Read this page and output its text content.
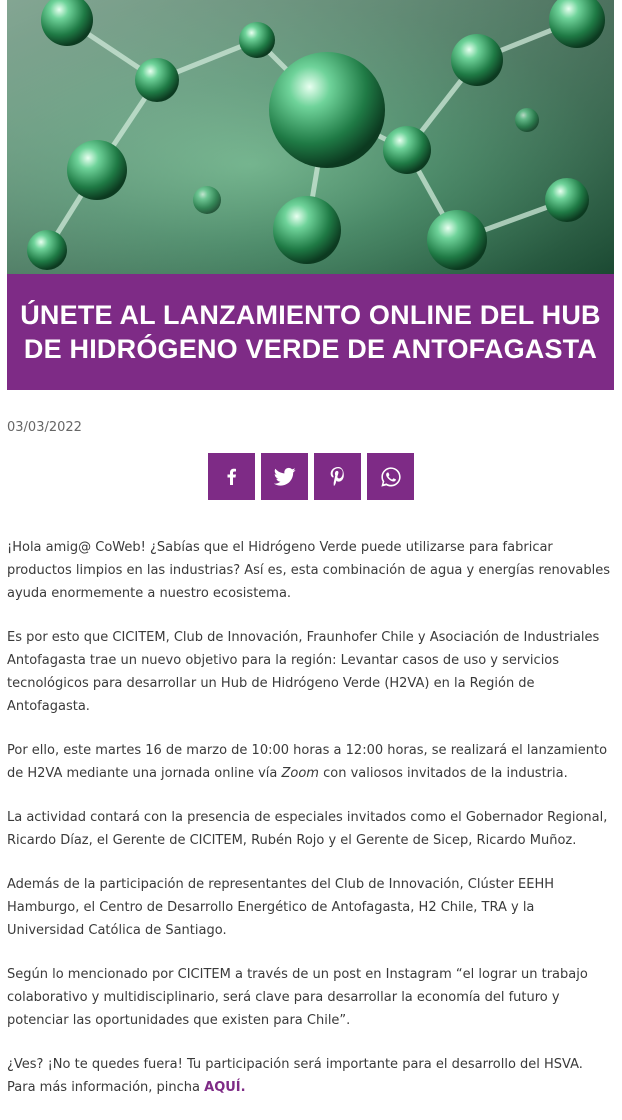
ÚNETE AL LANZAMIENTO ONLINE DEL HUB DE HIDRÓGENO VERDE DE ANTOFAGASTA
03/03/2022

¡Hola amig@ CoWeb! ¿Sabías que el Hidrógeno Verde puede utilizarse para fabricar productos limpios en las industrias? Así es, esta combinación de agua y energías renovables ayuda enormemente a nuestro ecosistema.

Es por esto que CICITEM, Club de Innovación, Fraunhofer Chile y Asociación de Industriales Antofagasta trae un nuevo objetivo para la región: Levantar casos de uso y servicios tecnológicos para desarrollar un Hub de Hidrógeno Verde (H2VA) en la Región de Antofagasta.

Por ello, este martes 16 de marzo de 10:00 horas a 12:00 horas, se realizará el lanzamiento de H2VA mediante una jornada online vía Zoom con valiosos invitados de la industria.

La actividad contará con la presencia de especiales invitados como el Gobernador Regional, Ricardo Díaz, el Gerente de CICITEM, Rubén Rojo y el Gerente de Sicep, Ricardo Muñoz.

Además de la participación de representantes del Club de Innovación, Clúster EEHH Hamburgo, el Centro de Desarrollo Energético de Antofagasta, H2 Chile, TRA y la Universidad Católica de Santiago.

Según lo mencionado por CICITEM a través de un post en Instagram “el lograr un trabajo colaborativo y multidisciplinario, será clave para desarrollar la economía del futuro y potenciar las oportunidades que existen para Chile”.

¿Ves? ¡No te quedes fuera! Tu participación será importante para el desarrollo del HSVA. Para más información, pincha AQUÍ.
